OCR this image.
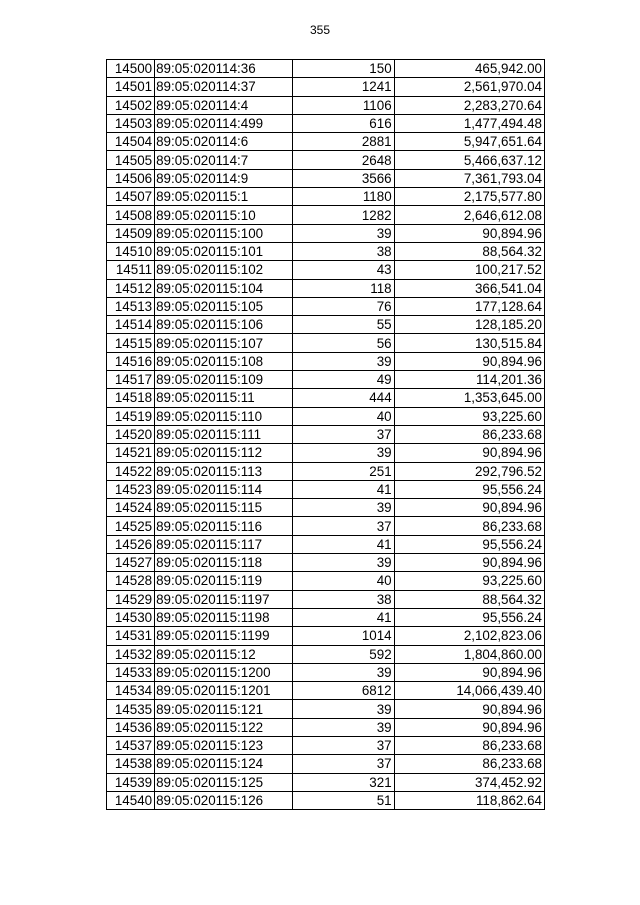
355
14500	89:05:020114:36	150	465,942.00
14501	89:05:020114:37	1241	2,561,970.04
14502	89:05:020114:4	1106	2,283,270.64
14503	89:05:020114:499	616	1,477,494.48
14504	89:05:020114:6	2881	5,947,651.64
14505	89:05:020114:7	2648	5,466,637.12
14506	89:05:020114:9	3566	7,361,793.04
14507	89:05:020115:1	1180	2,175,577.80
14508	89:05:020115:10	1282	2,646,612.08
14509	89:05:020115:100	39	90,894.96
14510	89:05:020115:101	38	88,564.32
14511	89:05:020115:102	43	100,217.52
14512	89:05:020115:104	118	366,541.04
14513	89:05:020115:105	76	177,128.64
14514	89:05:020115:106	55	128,185.20
14515	89:05:020115:107	56	130,515.84
14516	89:05:020115:108	39	90,894.96
14517	89:05:020115:109	49	114,201.36
14518	89:05:020115:11	444	1,353,645.00
14519	89:05:020115:110	40	93,225.60
14520	89:05:020115:111	37	86,233.68
14521	89:05:020115:112	39	90,894.96
14522	89:05:020115:113	251	292,796.52
14523	89:05:020115:114	41	95,556.24
14524	89:05:020115:115	39	90,894.96
14525	89:05:020115:116	37	86,233.68
14526	89:05:020115:117	41	95,556.24
14527	89:05:020115:118	39	90,894.96
14528	89:05:020115:119	40	93,225.60
14529	89:05:020115:1197	38	88,564.32
14530	89:05:020115:1198	41	95,556.24
14531	89:05:020115:1199	1014	2,102,823.06
14532	89:05:020115:12	592	1,804,860.00
14533	89:05:020115:1200	39	90,894.96
14534	89:05:020115:1201	6812	14,066,439.40
14535	89:05:020115:121	39	90,894.96
14536	89:05:020115:122	39	90,894.96
14537	89:05:020115:123	37	86,233.68
14538	89:05:020115:124	37	86,233.68
14539	89:05:020115:125	321	374,452.92
14540	89:05:020115:126	51	118,862.64
